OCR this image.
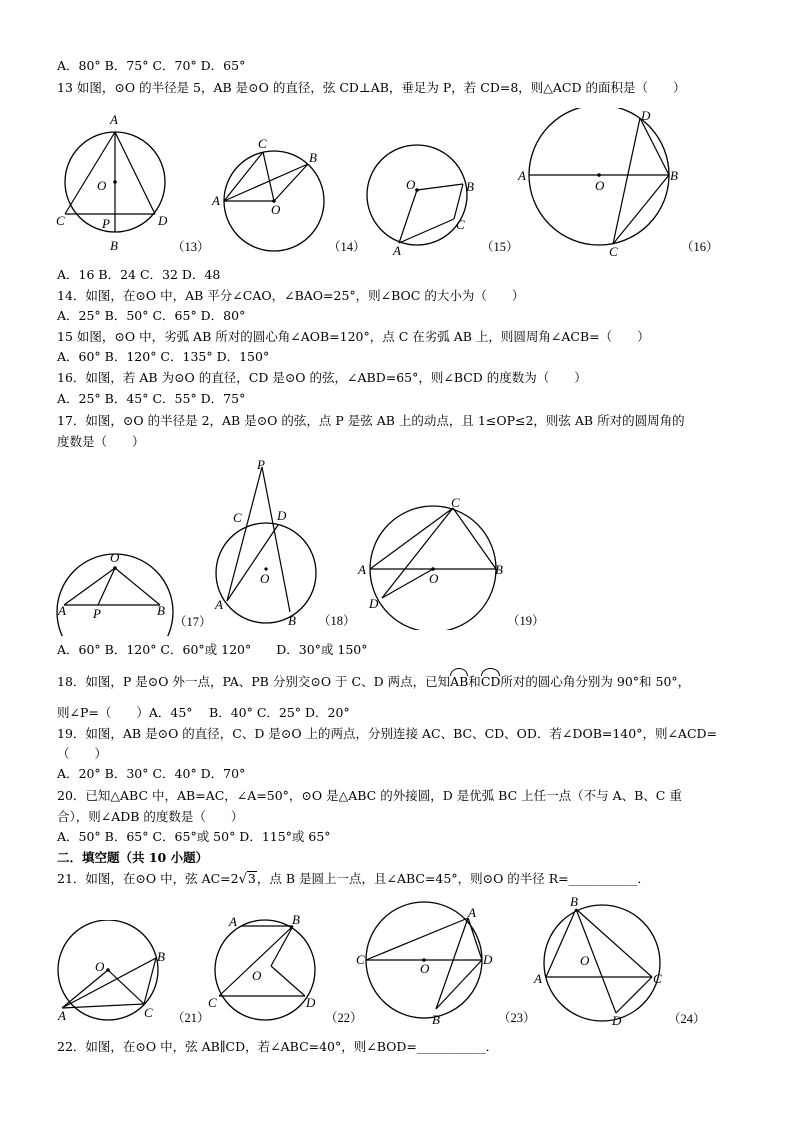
A．80° B．75° C．70° D．65°
13 如图，⊙O 的半径是 5，AB 是⊙O 的直径，弦 CD⊥AB，垂足为 P，若 CD=8，则△ACD 的面积是（　　）
A
O
C	P	D
B	（13）
C
B
A
O
（14）
O	B
C
A	（15）
D
A
O
B
C	（16）
A．16 B．24 C．32 D．48
14．如图，在⊙O 中，AB 平分∠CAO，∠BAO=25°，则∠BOC 的大小为（　　）
A．25° B．50° C．65° D．80°
15 如图，⊙O 中，劣弧 AB 所对的圆心角∠AOB=120°，点 C 在劣弧 AB 上，则圆周角∠ACB=（　　）
A．60° B．120° C．135° D．150°
16．如图，若 AB 为⊙O 的直径，CD 是⊙O 的弦，∠ABD=65°，则∠BCD 的度数为（　　）
A．25° B．45° C．55° D．75°
17．如图，⊙O 的半径是 2，AB 是⊙O 的弦，点 P 是弦 AB 上的动点，且 1≤OP≤2，则弦 AB 所对的圆周角的
度数是（　　）
O
A P	B
（17）
P
C	D
O
A
B （18）
C
A
O
B
D
（19）
A．60° B．120° C．60°或 120°　　D．30°或 150°
18．如图，P 是⊙O 外一点，PA、PB 分别交⊙O 于 C、D 两点，已知AB和CD所对的圆心角分别为 90°和 50°，
则∠P=（　　）A．45°　 B．40° C．25° D．20°
19．如图，AB 是⊙O 的直径，C、D 是⊙O 上的两点，分别连接 AC、BC、CD、OD．若∠DOB=140°，则∠ACD=
（　　）
A．20° B．30° C．40° D．70°
20．已知△ABC 中，AB=AC，∠A=50°，⊙O 是△ABC 的外接圆，D 是优弧 BC 上任一点（不与 A、B、C 重
合），则∠ADB 的度数是（　　）
A．50° B．65° C．65°或 50° D．115°或 65°
二．填空题（共 10 小题）
21．如图，在⊙O 中，弦 AC=2√3，点 B 是圆上一点，且∠ABC=45°，则⊙O 的半径 R=___________．
O
B
A	C （21）
A	B
O
C	D
（22）
A
C
O
D
B	（23）
B
O
A	C
D	（24）
22．如图，在⊙O 中，弦 AB∥CD，若∠ABC=40°，则∠BOD=___________．
